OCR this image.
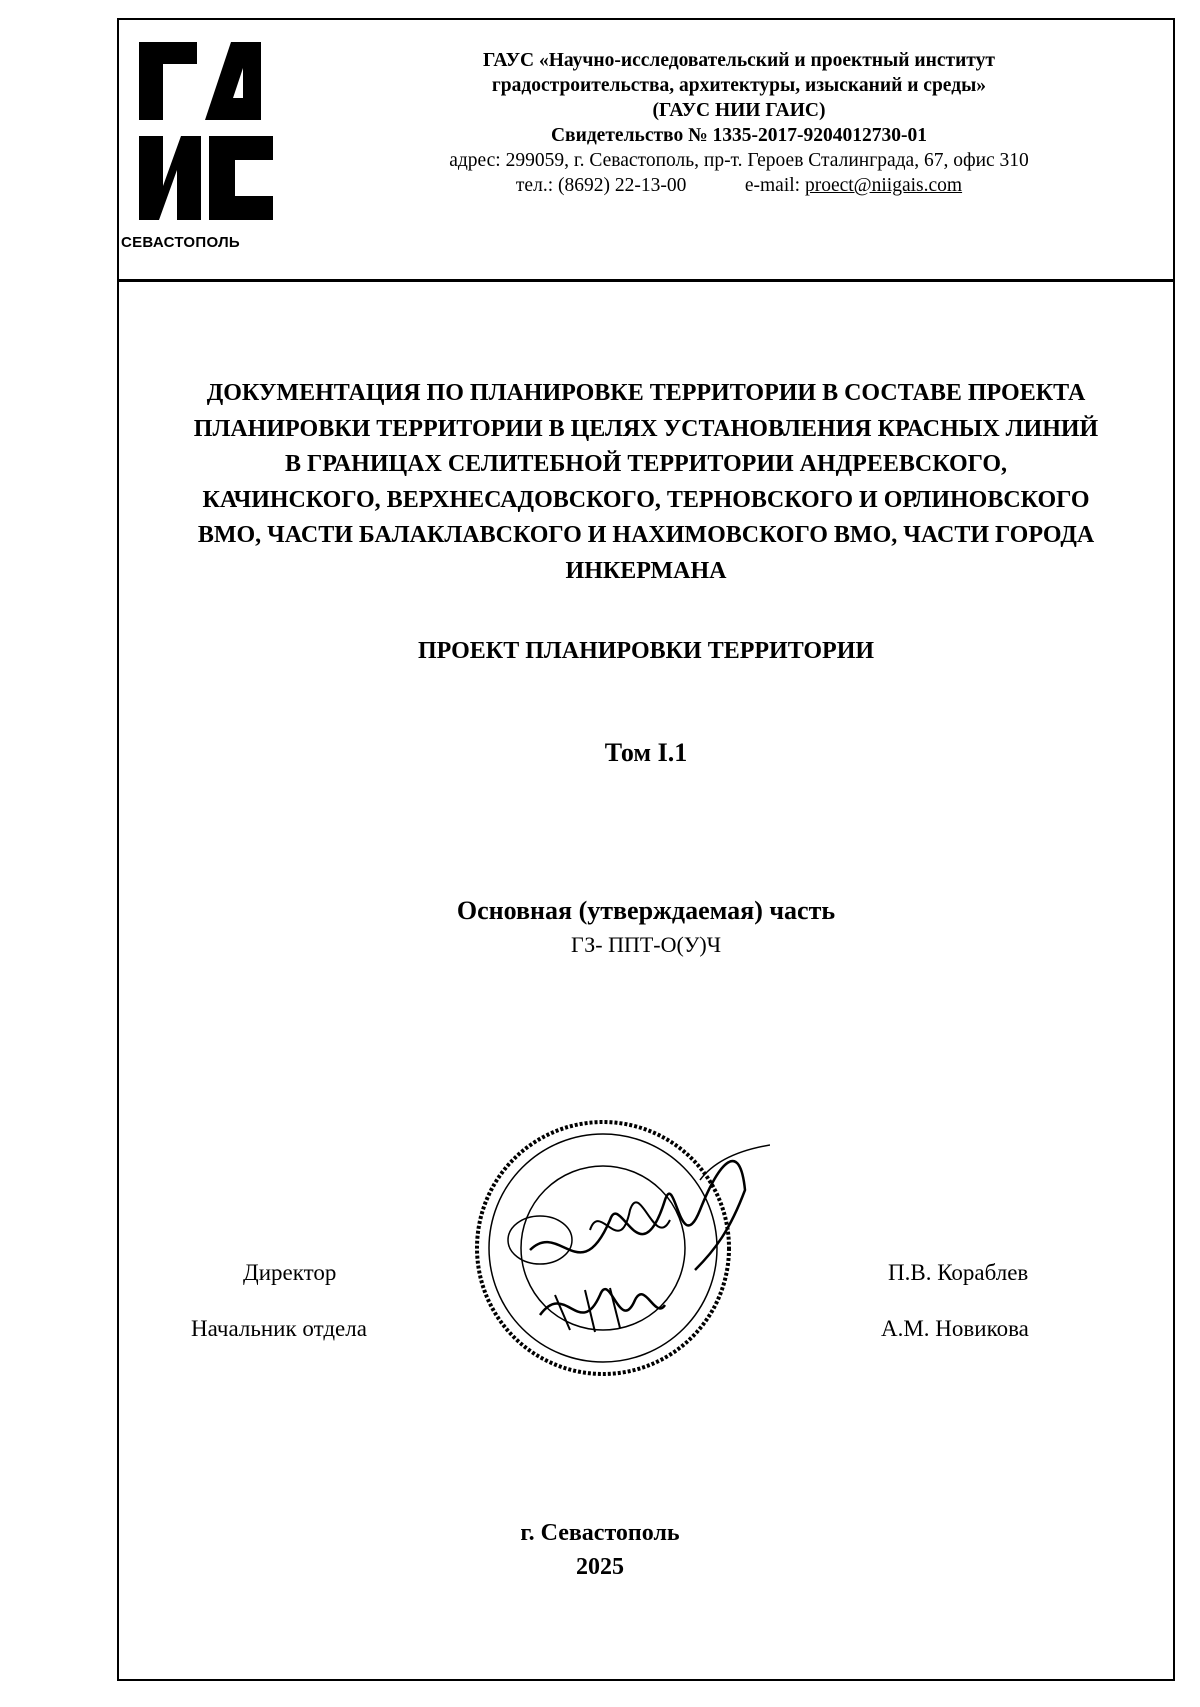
СЕВАСТОПОЛЬ
ГАУС «Научно-исследовательский и проектный институт
градостроительства, архитектуры, изысканий и среды»
(ГАУС НИИ ГАИС)
Свидетельство № 1335-2017-9204012730-01
адрес: 299059, г. Севастополь, пр-т. Героев Сталинграда, 67, офис 310
тел.: (8692) 22-13-00	e-mail: proect@niigais.com
ДОКУМЕНТАЦИЯ ПО ПЛАНИРОВКЕ ТЕРРИТОРИИ В СОСТАВЕ ПРОЕКТА
ПЛАНИРОВКИ ТЕРРИТОРИИ В ЦЕЛЯХ УСТАНОВЛЕНИЯ КРАСНЫХ ЛИНИЙ
В ГРАНИЦАХ СЕЛИТЕБНОЙ ТЕРРИТОРИИ АНДРЕЕВСКОГО,
КАЧИНСКОГО, ВЕРХНЕСАДОВСКОГО, ТЕРНОВСКОГО И ОРЛИНОВСКОГО
ВМО, ЧАСТИ БАЛАКЛАВСКОГО И НАХИМОВСКОГО ВМО, ЧАСТИ ГОРОДА
ИНКЕРМАНА
ПРОЕКТ ПЛАНИРОВКИ ТЕРРИТОРИИ
Том I.1
Основная (утверждаемая) часть
ГЗ- ППТ-О(У)Ч
Директор
Начальник отдела
П.В. Кораблев
А.М. Новикова
г. Севастополь
2025
